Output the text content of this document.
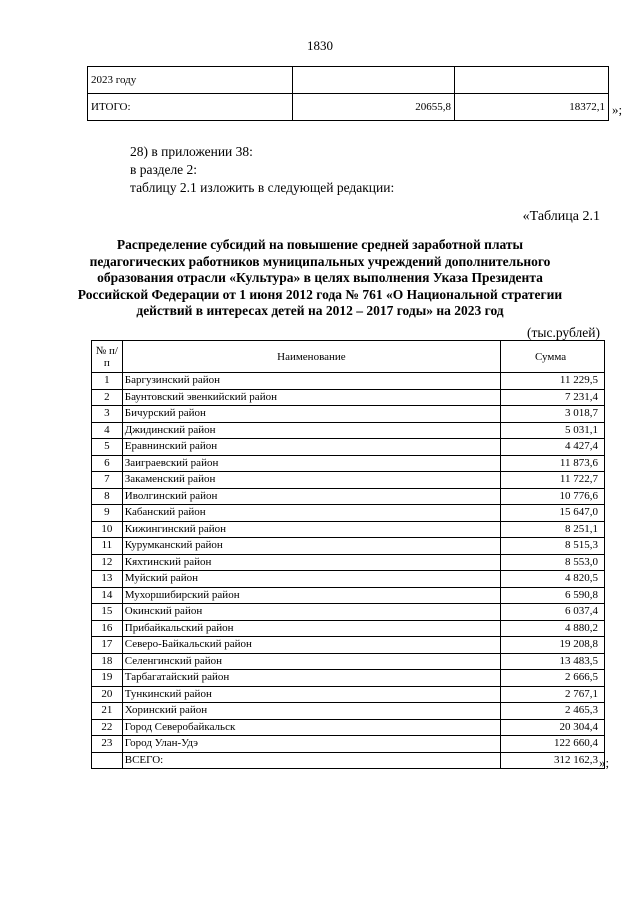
1830
2023 году		
ИТОГО:	20655,8	18372,1 »;
28) в приложении 38:
в разделе 2:
таблицу 2.1 изложить в следующей редакции:
«Таблица 2.1
Распределение субсидий на повышение средней заработной платы педагогических работников муниципальных учреждений дополнительного образования отрасли «Культура» в целях выполнения Указа Президента Российской Федерации от 1 июня 2012 года № 761 «О Национальной стратегии действий в интересах детей на 2012 – 2017 годы» на 2023 год
(тыс.рублей)
№ п/п	Наименование	Сумма
1	Баргузинский район	11 229,5
2	Баунтовский эвенкийский район	7 231,4
3	Бичурский район	3 018,7
4	Джидинский район	5 031,1
5	Еравнинский район	4 427,4
6	Заиграевский район	11 873,6
7	Закаменский район	11 722,7
8	Иволгинский район	10 776,6
9	Кабанский район	15 647,0
10	Кижингинский район	8 251,1
11	Курумканский район	8 515,3
12	Кяхтинский район	8 553,0
13	Муйский район	4 820,5
14	Мухоршибирский район	6 590,8
15	Окинский район	6 037,4
16	Прибайкальский район	4 880,2
17	Северо-Байкальский район	19 208,8
18	Селенгинский район	13 483,5
19	Тарбагатайский район	2 666,5
20	Тункинский район	2 767,1
21	Хоринский район	2 465,3
22	Город Северобайкальск	20 304,4
23	Город Улан-Удэ	122 660,4
	ВСЕГО:	312 162,3 »;
